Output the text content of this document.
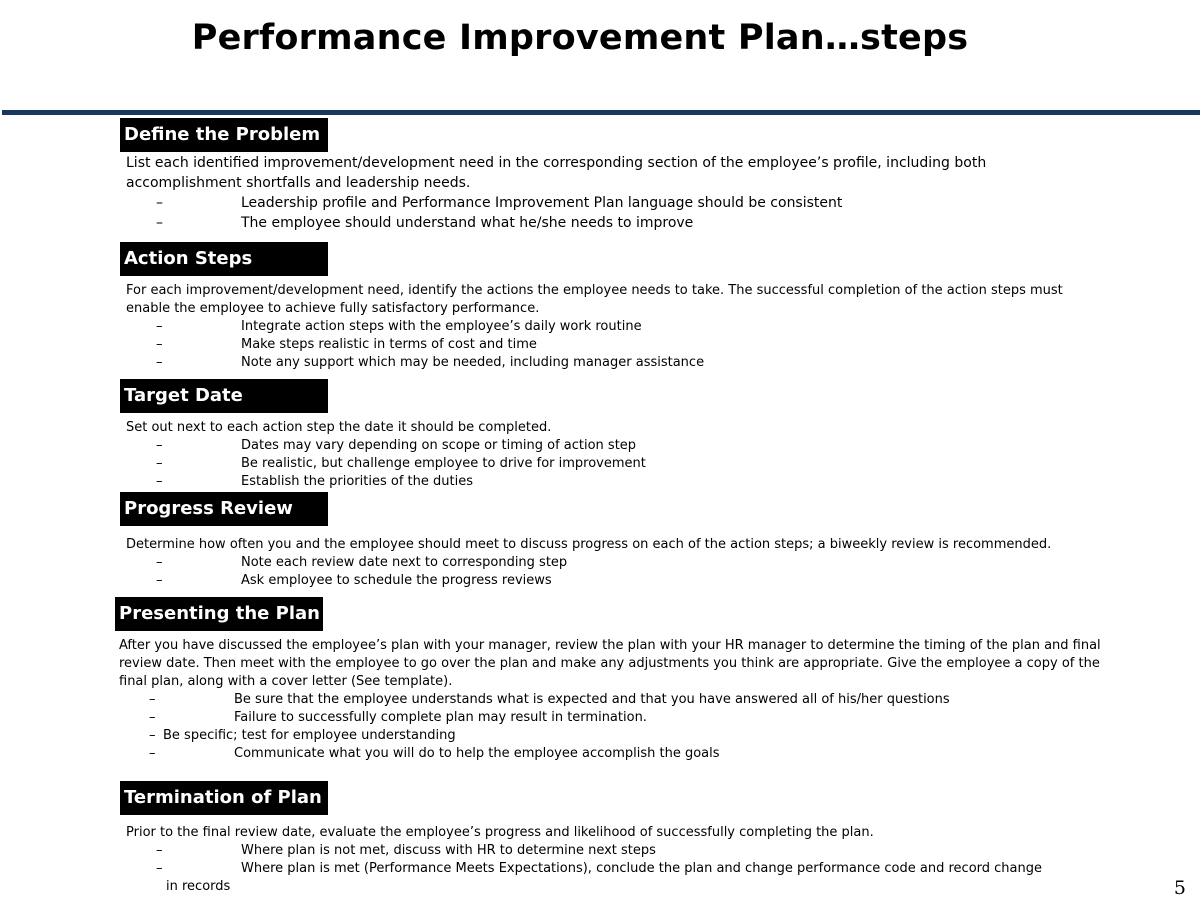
Performance Improvement Plan…steps
Define the Problem
List each identified improvement/development need in the corresponding section of the employee’s profile, including both
accomplishment shortfalls and leadership needs.
–	Leadership profile and Performance Improvement Plan language should be consistent
–	The employee should understand what he/she needs to improve
Action Steps
For each improvement/development need, identify the actions the employee needs to take. The successful completion of the action steps must
enable the employee to achieve fully satisfactory performance.
–	Integrate action steps with the employee’s daily work routine
–	Make steps realistic in terms of cost and time
–	Note any support which may be needed, including manager assistance
Target Date
Set out next to each action step the date it should be completed.
–	Dates may vary depending on scope or timing of action step
–	Be realistic, but challenge employee to drive for improvement
–	Establish the priorities of the duties
Progress Review
Determine how often you and the employee should meet to discuss progress on each of the action steps; a biweekly review is recommended.
–	Note each review date next to corresponding step
–	Ask employee to schedule the progress reviews
Presenting the Plan
After you have discussed the employee’s plan with your manager, review the plan with your HR manager to determine the timing of the plan and final
review date. Then meet with the employee to go over the plan and make any adjustments you think are appropriate. Give the employee a copy of the
final plan, along with a cover letter (See template).
–	Be sure that the employee understands what is expected and that you have answered all of his/her questions
–	Failure to successfully complete plan may result in termination.
– Be specific; test for employee understanding
–	Communicate what you will do to help the employee accomplish the goals
Termination of Plan
Prior to the final review date, evaluate the employee’s progress and likelihood of successfully completing the plan.
–	Where plan is not met, discuss with HR to determine next steps
–	Where plan is met (Performance Meets Expectations), conclude the plan and change performance code and record change
in records	5
